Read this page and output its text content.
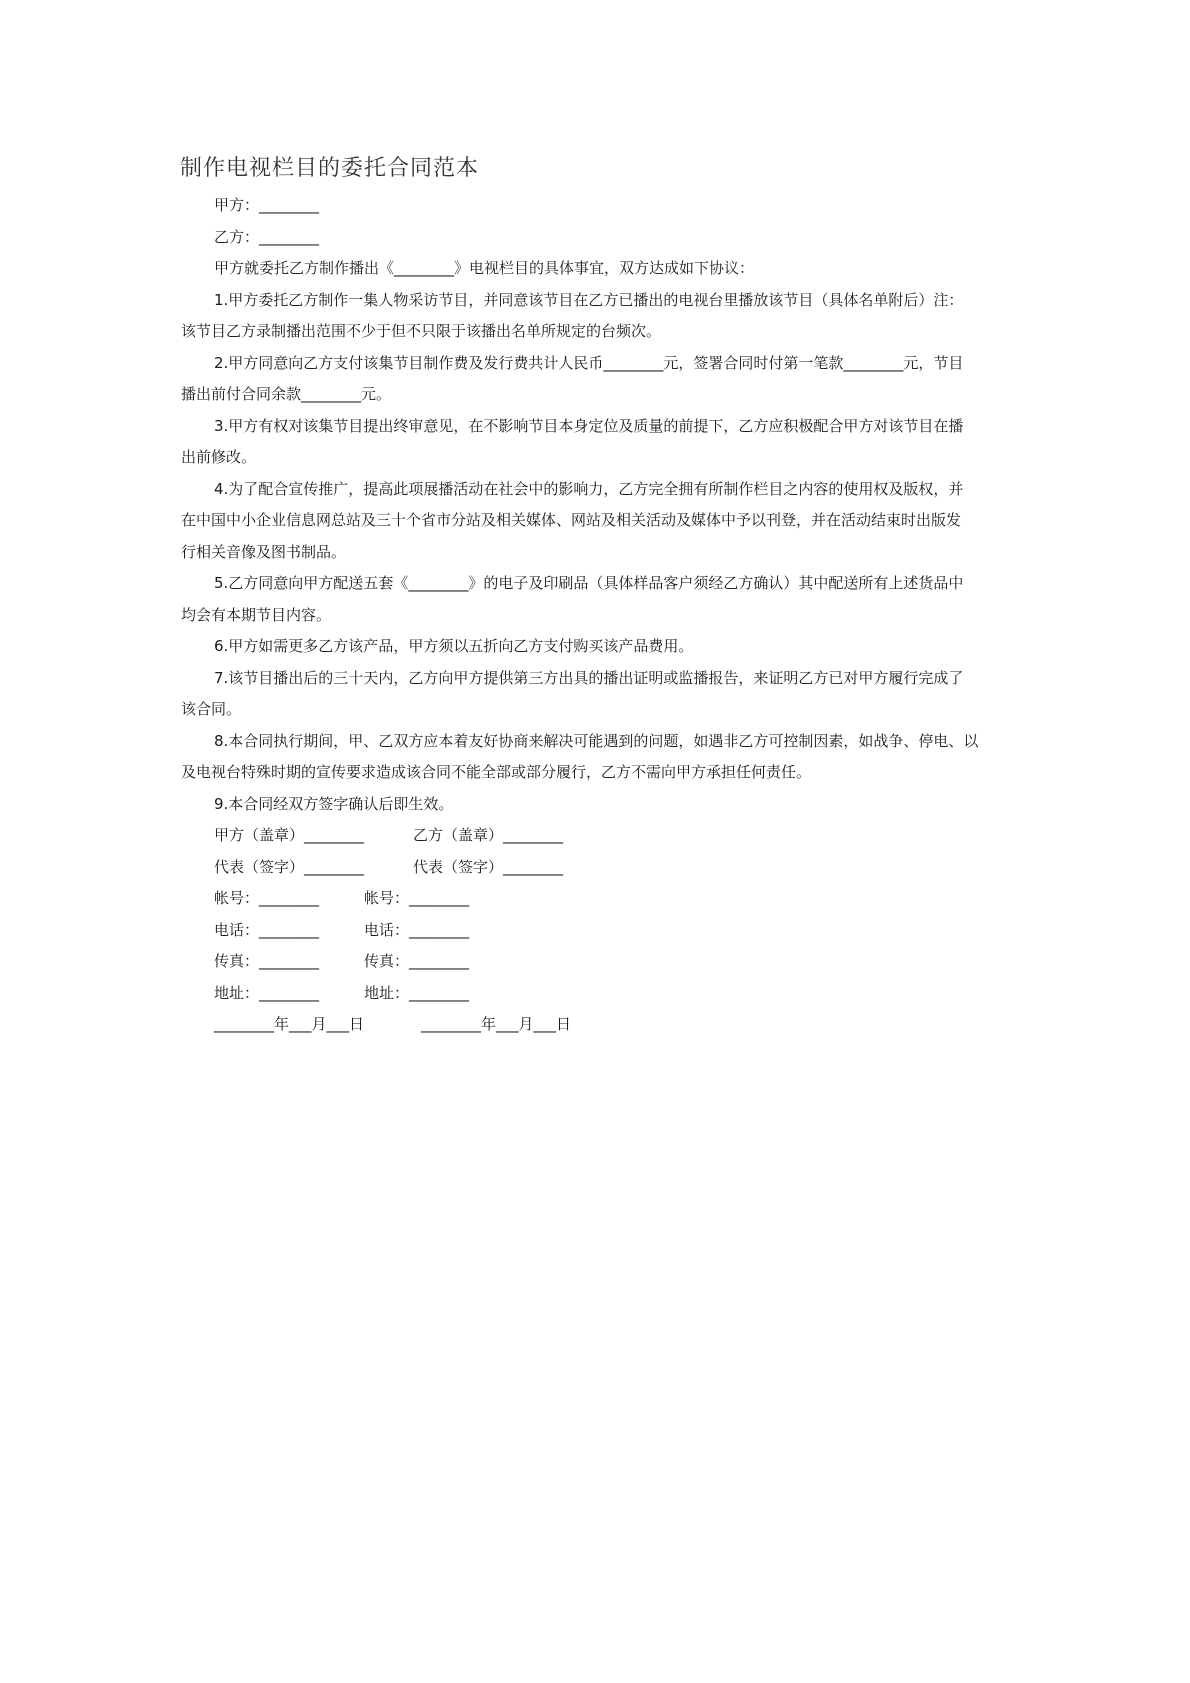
制作电视栏目的委托合同范本
甲方：________
乙方：________
甲方就委托乙方制作播出《________》电视栏目的具体事宜，双方达成如下协议：
1.甲方委托乙方制作一集人物采访节目，并同意该节目在乙方已播出的电视台里播放该节目（具体名单附后）注：
该节目乙方录制播出范围不少于但不只限于该播出名单所规定的台频次。
2.甲方同意向乙方支付该集节目制作费及发行费共计人民币________元，签署合同时付第一笔款________元，节目
播出前付合同余款________元。
3.甲方有权对该集节目提出终审意见，在不影响节目本身定位及质量的前提下，乙方应积极配合甲方对该节目在播
出前修改。
4.为了配合宣传推广，提高此项展播活动在社会中的影响力，乙方完全拥有所制作栏目之内容的使用权及版权，并
在中国中小企业信息网总站及三十个省市分站及相关媒体、网站及相关活动及媒体中予以刊登，并在活动结束时出版发
行相关音像及图书制品。
5.乙方同意向甲方配送五套《________》的电子及印刷品（具体样品客户须经乙方确认）其中配送所有上述货品中
均会有本期节目内容。
6.甲方如需更多乙方该产品，甲方须以五折向乙方支付购买该产品费用。
7.该节目播出后的三十天内，乙方向甲方提供第三方出具的播出证明或监播报告，来证明乙方已对甲方履行完成了
该合同。
8.本合同执行期间，甲、乙双方应本着友好协商来解决可能遇到的问题，如遇非乙方可控制因素，如战争、停电、以
及电视台特殊时期的宣传要求造成该合同不能全部或部分履行，乙方不需向甲方承担任何责任。
9.本合同经双方签字确认后即生效。
甲方（盖章）________	乙方（盖章）________
代表（签字）________	代表（签字）________
帐号：________	帐号：________
电话：________	电话：________
传真：________	传真：________
地址：________	地址：________
________年___月___日	________年___月___日
